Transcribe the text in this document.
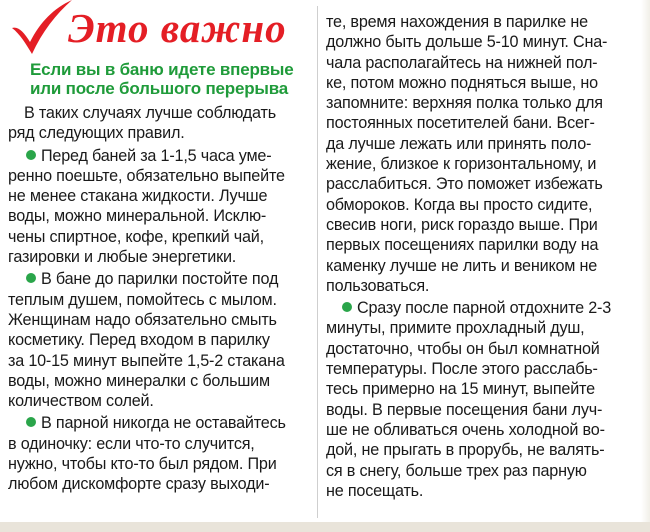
Это важно
Если вы в баню идете впервые
или после большого перерыва
В таких случаях лучше соблюдать
ряд следующих правил.
Перед баней за 1-1,5 часа уме-
ренно поешьте, обязательно выпейте
не менее стакана жидкости. Лучше
воды, можно минеральной. Исклю-
чены спиртное, кофе, крепкий чай,
газировки и любые энергетики.
В бане до парилки постойте под
теплым душем, помойтесь с мылом.
Женщинам надо обязательно смыть
косметику. Перед входом в парилку
за 10-15 минут выпейте 1,5-2 стакана
воды, можно минералки с большим
количеством солей.
В парной никогда не оставайтесь
в одиночку: если что-то случится,
нужно, чтобы кто-то был рядом. При
любом дискомфорте сразу выходи-
те, время нахождения в парилке не
должно быть дольше 5-10 минут. Сна-
чала располагайтесь на нижней пол-
ке, потом можно подняться выше, но
запомните: верхняя полка только для
постоянных посетителей бани. Всег-
да лучше лежать или принять поло-
жение, близкое к горизонтальному, и
расслабиться. Это поможет избежать
обмороков. Когда вы просто сидите,
свесив ноги, риск гораздо выше. При
первых посещениях парилки воду на
каменку лучше не лить и веником не
пользоваться.
Сразу после парной отдохните 2-3
минуты, примите прохладный душ,
достаточно, чтобы он был комнатной
температуры. После этого расслабь-
тесь примерно на 15 минут, выпейте
воды. В первые посещения бани луч-
ше не обливаться очень холодной во-
дой, не прыгать в прорубь, не валять-
ся в снегу, больше трех раз парную
не посещать.
